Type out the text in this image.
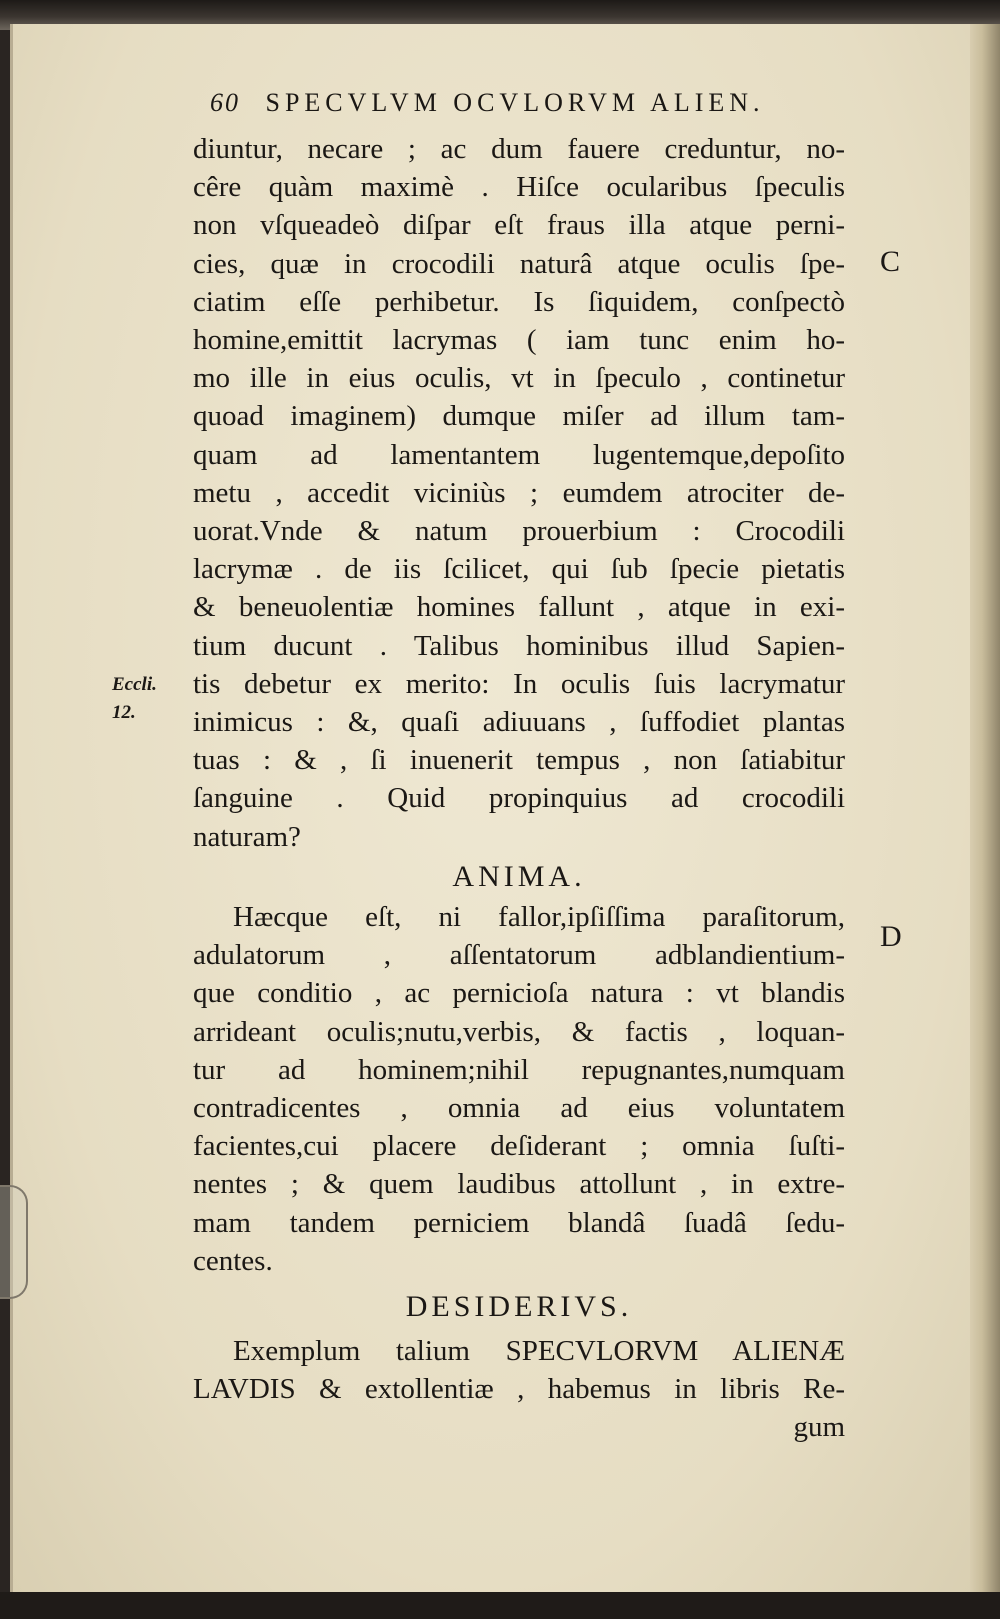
60 SPECVLVM OCVLORVM ALIEN.
C
D
Eccli.
12.
diuntur, necare ; ac dum fauere creduntur, no-
cêre quàm maximè . Hiſce ocularibus ſpeculis
non vſqueadeò diſpar eſt fraus illa atque perni-
cies, quæ in crocodili naturâ atque oculis ſpe-
ciatim eſſe perhibetur. Is ſiquidem, conſpectò
homine,emittit lacrymas ( iam tunc enim ho-
mo ille in eius oculis, vt in ſpeculo , continetur
quoad imaginem) dumque miſer ad illum tam-
quam ad lamentantem lugentemque,depoſito
metu , accedit viciniùs ; eumdem atrociter de-
uorat.Vnde & natum prouerbium : Crocodili
lacrymæ . de iis ſcilicet, qui ſub ſpecie pietatis
& beneuolentiæ homines fallunt , atque in exi-
tium ducunt . Talibus hominibus illud Sapien-
tis debetur ex merito: In oculis ſuis lacrymatur
inimicus : &, quaſi adiuuans , ſuffodiet plantas
tuas : & , ſi inuenerit tempus , non ſatiabitur
ſanguine . Quid propinquius ad crocodili
naturam?
ANIMA.
Hæcque eſt, ni fallor,ipſiſſima paraſitorum,
adulatorum , aſſentatorum adblandientium-
que conditio , ac pernicioſa natura : vt blandis
arrideant oculis;nutu,verbis, & factis , loquan-
tur ad hominem;nihil repugnantes,numquam
contradicentes , omnia ad eius voluntatem
facientes,cui placere deſiderant ; omnia ſuſti-
nentes ; & quem laudibus attollunt , in extre-
mam tandem perniciem blandâ ſuadâ ſedu-
centes.
DESIDERIVS.
Exemplum talium SPECVLORVM ALIENÆ
LAVDIS & extollentiæ , habemus in libris Re-
gum
